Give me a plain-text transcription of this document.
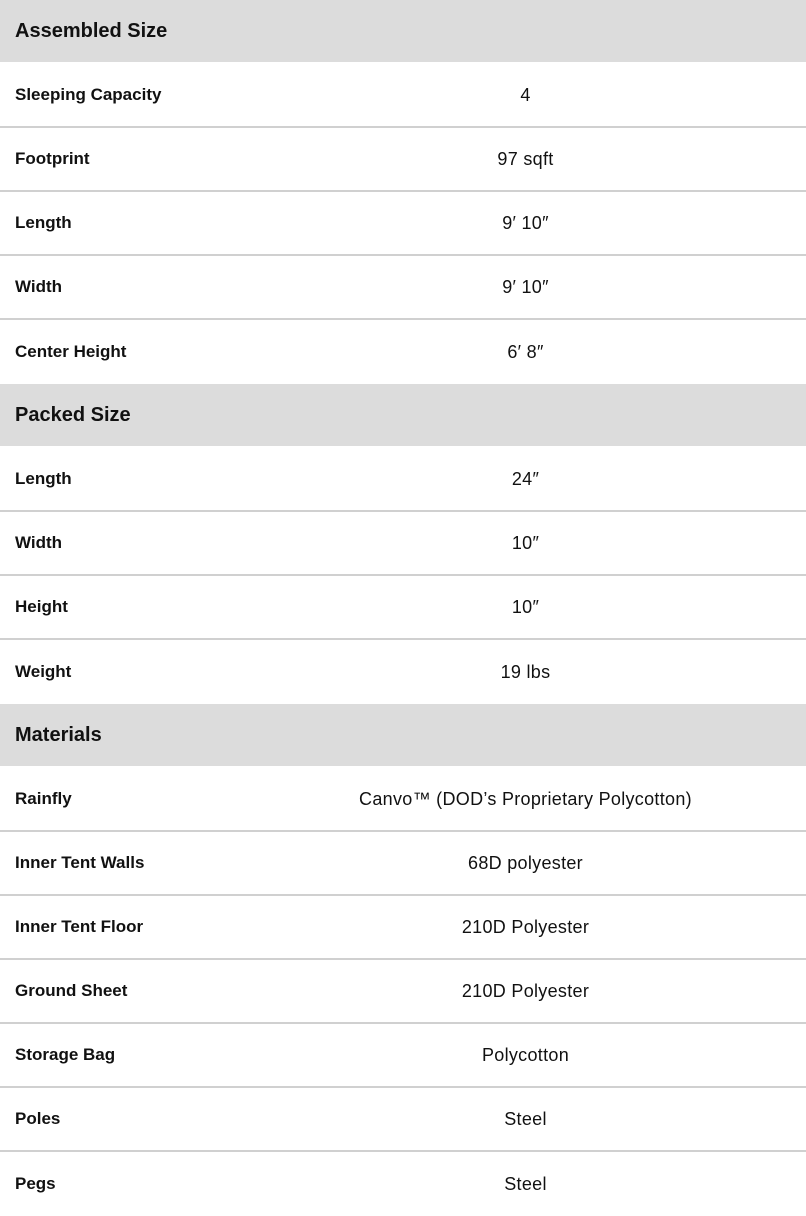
Assembled Size
Sleeping Capacity	4
Footprint	97 sqft
Length	9′ 10″
Width	9′ 10″
Center Height	6′ 8″
Packed Size
Length	24″
Width	10″
Height	10″
Weight	19 lbs
Materials
Rainfly	Canvo™ (DOD’s Proprietary Polycotton)
Inner Tent Walls	68D polyester
Inner Tent Floor	210D Polyester
Ground Sheet	210D Polyester
Storage Bag	Polycotton
Poles	Steel
Pegs	Steel
